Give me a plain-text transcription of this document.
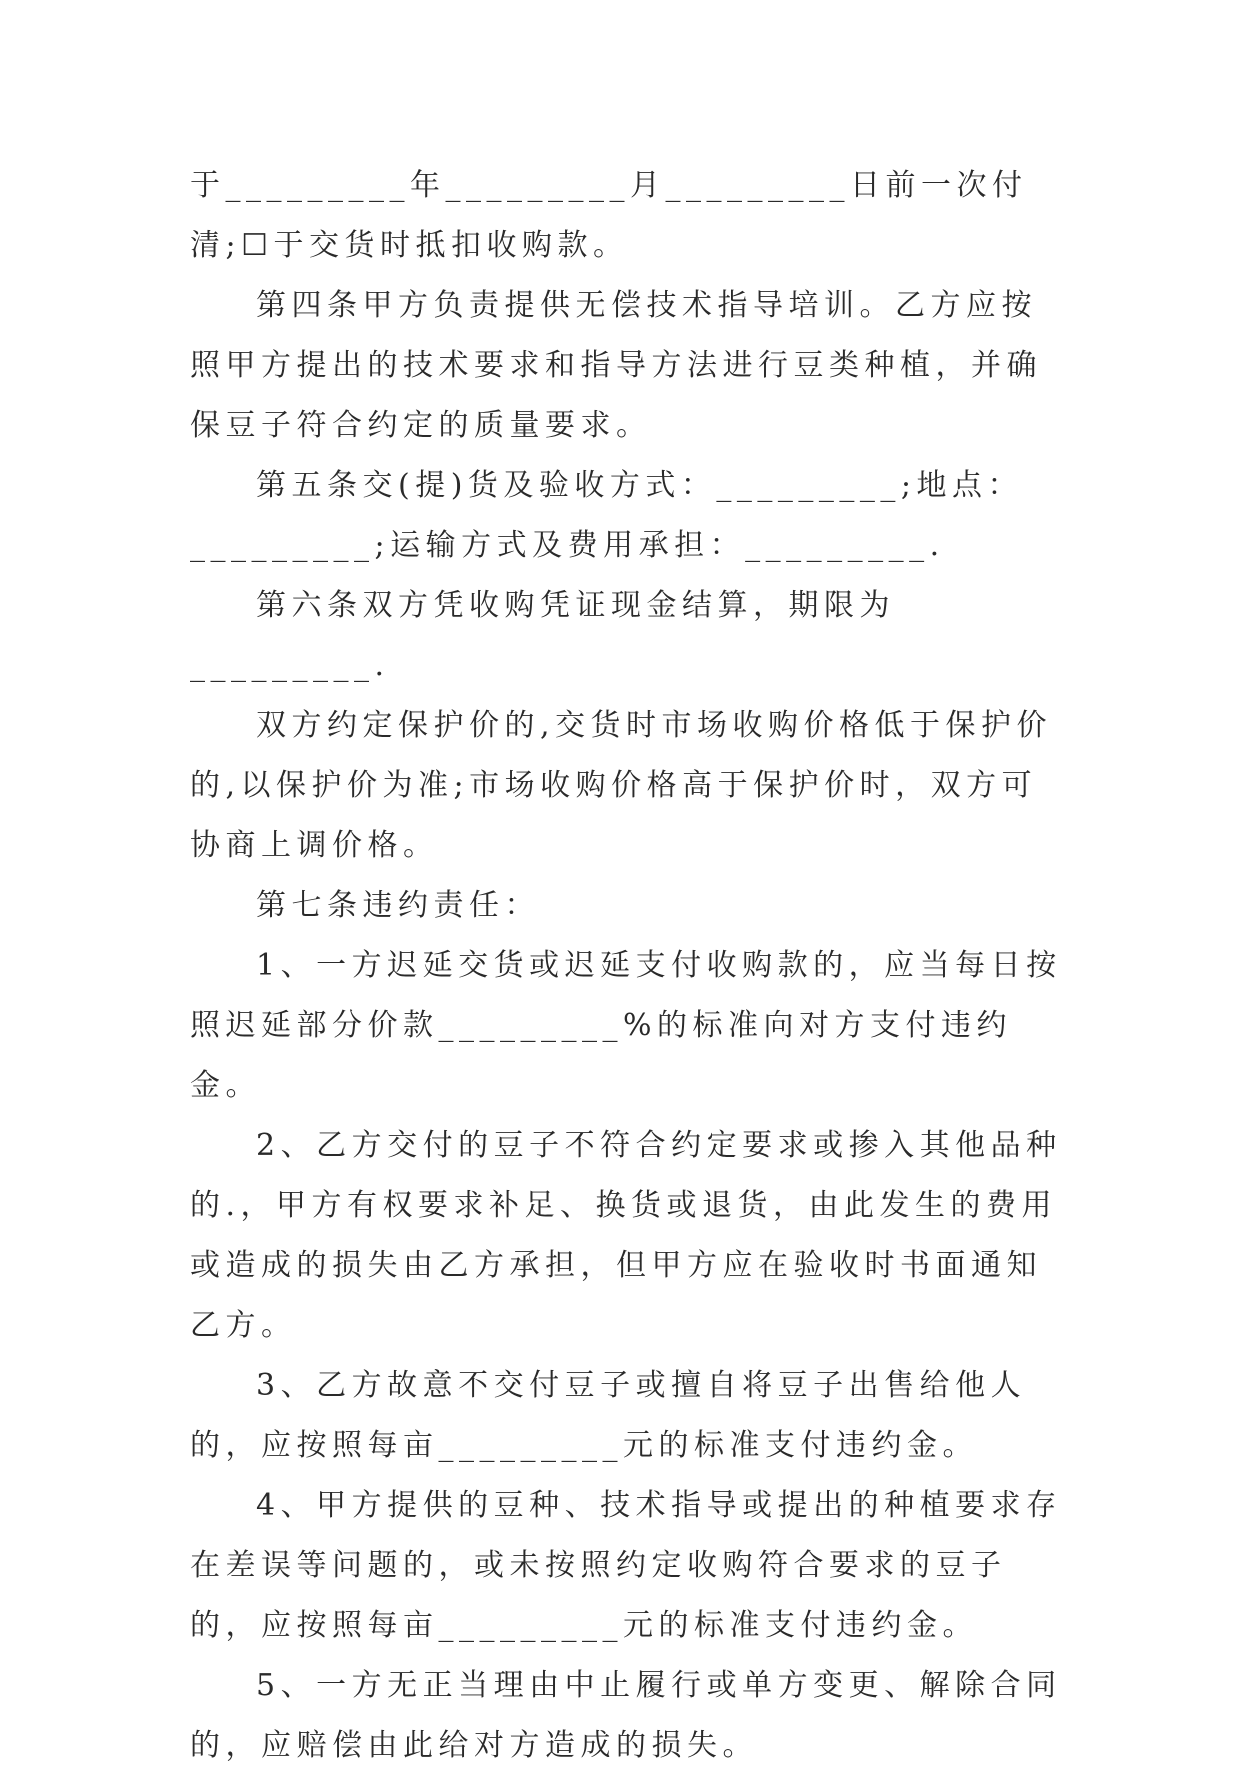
于_________年_________月_________日前一次付清;☐于交货时抵扣收购款。

第四条甲方负责提供无偿技术指导培训。乙方应按照甲方提出的技术要求和指导方法进行豆类种植，并确保豆子符合约定的质量要求。

第五条交(提)货及验收方式：_________;地点：_________;运输方式及费用承担：_________.

第六条双方凭收购凭证现金结算，期限为_________.

双方约定保护价的,交货时市场收购价格低于保护价的,以保护价为准;市场收购价格高于保护价时，双方可协商上调价格。

第七条违约责任：

1、一方迟延交货或迟延支付收购款的，应当每日按照迟延部分价款_________%的标准向对方支付违约金。

2、乙方交付的豆子不符合约定要求或掺入其他品种的.，甲方有权要求补足、换货或退货，由此发生的费用或造成的损失由乙方承担，但甲方应在验收时书面通知乙方。

3、乙方故意不交付豆子或擅自将豆子出售给他人的，应按照每亩_________元的标准支付违约金。

4、甲方提供的豆种、技术指导或提出的种植要求存在差误等问题的，或未按照约定收购符合要求的豆子的，应按照每亩_________元的标准支付违约金。

5、一方无正当理由中止履行或单方变更、解除合同的，应赔偿由此给对方造成的损失。
